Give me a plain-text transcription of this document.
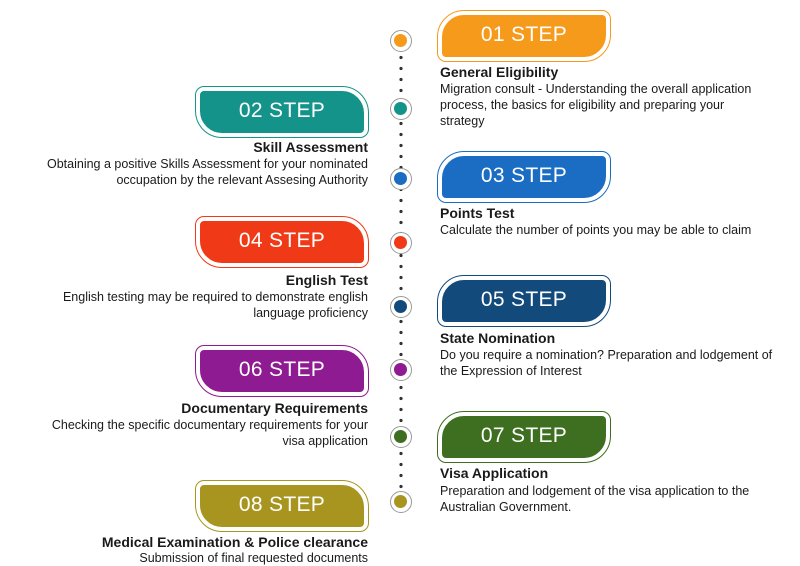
01 STEP
General Eligibility
Migration consult - Understanding the overall application process, the basics for eligibility and preparing your strategy
02 STEP
Skill Assessment
Obtaining a positive Skills Assessment for your nominated occupation by the relevant Assesing Authority	03 STEP
Points Test
Calculate the number of points you may be able to claim
04 STEP
English Test
English testing may be required to demonstrate english language proficiency
05 STEP
State Nomination
Do you require a nomination? Preparation and lodgement of the Expression of Interest
06 STEP
Documentary Requirements
Checking the specific documentary requirements for your visa application	07 STEP
Visa Application
Preparation and lodgement of the visa application to the Australian Government.
08 STEP
Medical Examination & Police clearance
Submission of final requested documents
